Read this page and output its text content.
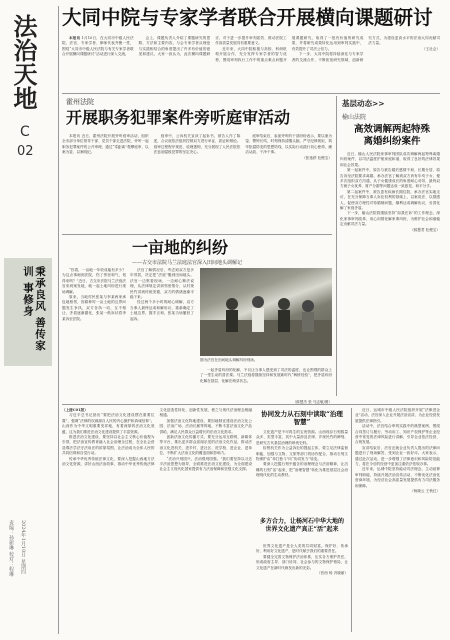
法治天地
C
02
秉承良风 善传家训 事修身
责编：孙新琳 校对：程琳 2024年1月10日 星期四
大同中院与专家学者联合开展横向课题研讨

本报讯 1月10日，在大同市中级人民法院，法官、专家学者、律师代表齐聚一堂，围绕“大同市中级人民法院与有关专家学者联合开展横向课题研讨”活动进行深入交流。

会上，课题负责人介绍了课题研究的思路、方法和主要内容，与会专家学者从理论与实践相结合的角度提出了许多有价值的意见和建议。大家一致认为，此次横向课题研讨，对于进一步提升审判质效、推动法院工作高质量发展具有重要意义。

近年来，大同中院积极与高校、科研机构开展合作，充分发挥专家学者的智力优势，围绕审判执行工作中的重点难点问题开展课题研究，取得了一批有价值的研究成果，并将研究成果转化运用到审判实践中，有效提升了司法公信力。

下一步，大同中院将持续深化与专家学者的交流合作，不断拓宽研究领域，创新研究方式，为建设更高水平的法治大同贡献司法力量。

（王社会）
霍州法院
开展职务犯罪案件旁听庭审活动

本报讯 近日，霍州法院开展旁听庭审活动，组织全市部分单位领导干部、党员干部走进法院，旁听一起职务犯罪案件的公开审理，通过“零距离”观摩庭审，以案为鉴、以案明纪。

庭审中，公诉机关宣读了起诉书，被告人作了陈述，合议庭依法组织控辩双方进行举证、质证和辩论。庭审过程程序规范、说理透彻，充分展现了人民法院依法惩治腐败犯罪的坚定决心。

庭审结束后，参加旁听的干部纷纷表示，要以案为鉴、警钟长鸣，时刻保持清醒头脑，严守纪律规矩，筑牢拒腐防变的思想防线，以实际行动践行初心使命，廉洁从政、干净干事。

（张逸舒 杜俊宝）
一亩地的纠纷
——古交市法院马兰法庭法官深入田间地头调解记

“你看，一亩地一年收成能有多少？为这点事闹到法院，伤了邻里和气，划得来吗？”近日，古交市法院马兰法庭法官来到案发地，就一起土地纠纷进行现场调解。

原来，当地村民张某与李某两家承包地相邻，因耕种时一亩土地的边界问题发生争执，双方各执一词，互不相让，矛盾逐渐激化，张某一纸诉状将李某诉至法院。

法官了解情况后，考虑到双方是多年邻居，决定把“法庭”搬到田间地头。法官一边察看现场，一边耐心释法说理，从法律规定讲到邻里情分，从村规民约讲到传统美德，双方的情绪逐渐平稳下来。

经过两个多小时的耐心调解，双方当事人最终达成和解协议，重新确定了土地边界，握手言和，张某当场撤回了起诉。

图为法官在田间地头调解纠纷现场。

一起矛盾纠纷的化解，不仅让当事人感受到了司法的温度，也让围观的群众上了一堂生动的普法课。马兰法庭将继续坚持和发展新时代“枫桥经验”，把矛盾纠纷化解在基层、化解在萌芽状态。

（薛慧杰 张 马志敏/图）
基层动态>>
榆山法院
高效调解两起特殊离婚纠纷案件

近日，榆山人民法院家事审判团队成功调解两起特殊离婚纠纷案件，以司法温度护航家庭和谐，取得了良好的法律效果和社会效果。

第一起案件中，原告与被告婚后感情不和，长期分居，原告诉至法院要求离婚。承办法官了解到双方育有年幼子女，便多次组织双方沟通，从子女健康成长的角度耐心劝导，最终双方就子女抚养、财产分割等问题达成一致意见，和平分手。

第二起案件中，被告患有疾病长期住院，承办法官实地走访，在充分保障当事人诉讼权利的基础上，以案说法、以情感人，促使双方理性对待婚姻问题，顺利达成调解协议，妥善化解了家庭矛盾。

下一步，榆山法院将继续坚持“如我在诉”的工作理念，深化家事审判改革，用心用情化解家事纠纷，为维护社会和谐稳定贡献司法力量。

（薛慧君 杜俊宝）
（上接C01版）

习近平总书记指出“要把法治文化建设摆在重要位置”，强调“法律的权威源自人民的内心拥护和真诚信仰”。山西作为中华文明重要发祥地，有着深厚的法治文化底蕴，这为我们推进法治文化建设提供了丰富资源。

推进法治文化建设，要坚持以社会主义核心价值观为引领，把法治宣传教育融入社会治理全过程，在全社会营造尊法学法守法用法的浓厚氛围，让法治成为全体人民的共同信仰和自觉行动。

传承中华优秀传统法律文化，要深入挖掘山西地方法治文化资源，讲好山西法治故事，推动中华优秀传统法律文化创造性转化、创新性发展，使之与现代法治理念相融相通。

加强法治文化阵地建设，要因地制宜建设法治文化公园、法治广场、法治长廊等阵地，不断丰富法治文化产品供给，满足人民群众日益增长的法治文化需求。

创新法治文化传播方式，要充分运用互联网、新媒体等平台，推出更多群众喜闻乐见的法治文化作品，推动法治文化进机关、进乡村、进社区、进学校、进企业、进单位，不断扩大法治文化的覆盖面和影响力。

“法治兴则国兴，法治强则国强。”我们要坚持以习近平法治思想为指导，全面推进法治文化建设，为全面建设社会主义现代化国家提供有力法治保障和坚强文化支撑。

协同发力从石刻中读取“治理智慧”

文化遗产是不可再生的宝贵资源。山西现存石刻数量众多、类型丰富，其中大量涉及法律、乡规民约的碑刻，是研究古代基层治理的珍贵史料。

检察机关作为公益诉讼的提起主体，要立足法律监督职能，加强与文物、文旅等部门的协作配合，推动石刻文物保护由“单打独斗”向“协同发力”转变。

要深入挖掘石刻中蕴含的治理理念与法治精神，让沉睡的石刻“活”起来，把“治理智慧”转化为推进基层社会治理现代化的生动教材。

多方合力，让杨河石中华大地的世界文化遗产真正“活”起来

世界文化遗产是全人类的共同财富。保护好、传承好、利用好文化遗产，是时代赋予我们的重要责任。

要健全完善文物保护法治体系，压实各方保护责任，形成政府主导、部门协同、社会参与的文物保护格局，让文化遗产在新时代焕发出新的光彩。

（晋西 杨 冯晓丽）

近日，运城市中级人民法院组织开展“法律进企业”活动，法官深入企业开展法治宣讲，为企业经营发展提供法律指引。

活动中，法官结合审判实践中的典型案例，围绕合同签订与履行、劳动用工、知识产权保护等企业经营中常见的法律风险进行讲解，引导企业依法经营、合规发展。

宣讲结束后，法官还就企业负责人提出的法律问题进行了现场解答，受到企业一致好评。大家表示，通过此次活动，进一步增强了法律意识和风险防范能力，将在今后的经营中更加注重依法依规办事。

近年来，运城中院坚持能动司法理念，主动延伸审判职能，持续开展法治宣传活动，不断优化法治化营商环境，为经济社会高质量发展提供有力司法服务和保障。

（杨晓云 王秋红）
